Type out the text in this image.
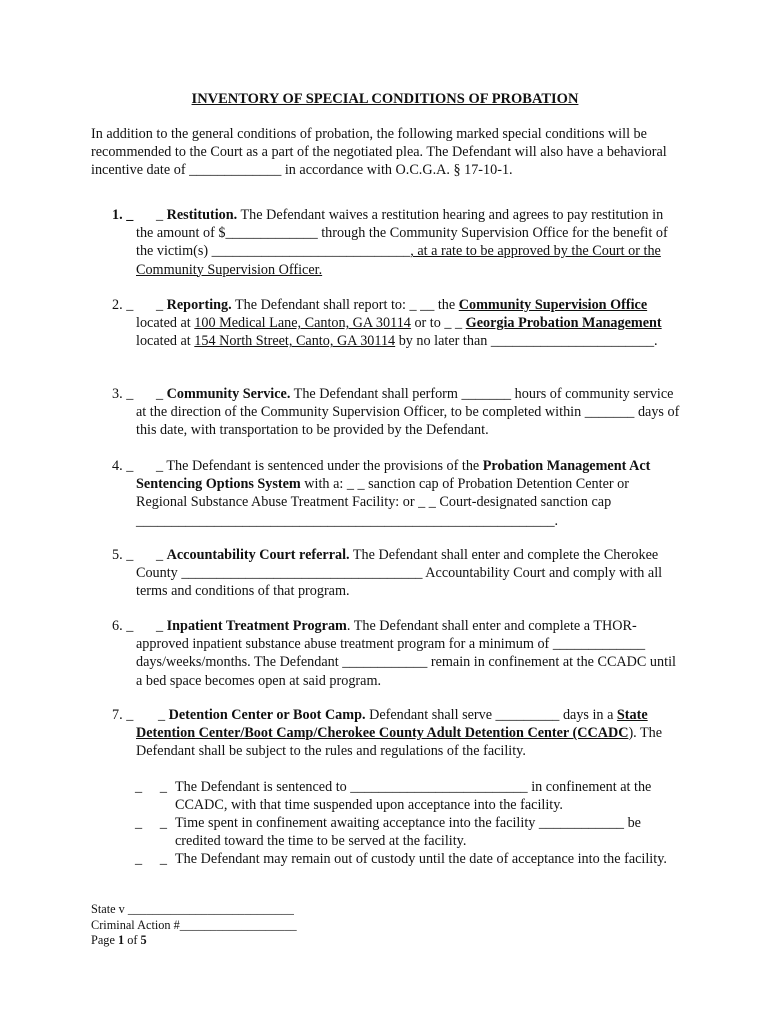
INVENTORY OF SPECIAL CONDITIONS OF PROBATION
In addition to the general conditions of probation, the following marked special conditions will be recommended to the Court as a part of the negotiated plea. The Defendant will also have a behavioral incentive date of _____________ in accordance with O.C.G.A. § 17-10-1.
1. _	_ Restitution. The Defendant waives a restitution hearing and agrees to pay restitution in the amount of $_____________ through the Community Supervision Office for the benefit of the victim(s) ____________________________, at a rate to be approved by the Court or the Community Supervision Officer.
2. _	_ Reporting. The Defendant shall report to: _ __ the Community Supervision Office located at 100 Medical Lane, Canton, GA 30114 or to _ _ Georgia Probation Management located at 154 North Street, Canto, GA 30114 by no later than _______________________.
3. _	_ Community Service. The Defendant shall perform _______ hours of community service at the direction of the Community Supervision Officer, to be completed within _______ days of this date, with transportation to be provided by the Defendant.
4. _	_ The Defendant is sentenced under the provisions of the Probation Management Act Sentencing Options System with a: _ _ sanction cap of Probation Detention Center or Regional Substance Abuse Treatment Facility: or _ _ Court-designated sanction cap ___________________________________________________________.
5. _	_ Accountability Court referral. The Defendant shall enter and complete the Cherokee County __________________________________ Accountability Court and comply with all terms and conditions of that program.
6. _	_ Inpatient Treatment Program. The Defendant shall enter and complete a THOR-approved inpatient substance abuse treatment program for a minimum of _____________ days/weeks/months. The Defendant ____________ remain in confinement at the CCADC until a bed space becomes open at said program.
7. _	_ Detention Center or Boot Camp. Defendant shall serve _________ days in a State Detention Center/Boot Camp/Cherokee County Adult Detention Center (CCADC). The Defendant shall be subject to the rules and regulations of the facility.
_     _ The Defendant is sentenced to _________________________ in confinement at the CCADC, with that time suspended upon acceptance into the facility.
_     _ Time spent in confinement awaiting acceptance into the facility ____________ be credited toward the time to be served at the facility.
_     _ The Defendant may remain out of custody until the date of acceptance into the facility.
State v ___________________________
Criminal Action #___________________
Page 1 of 5
